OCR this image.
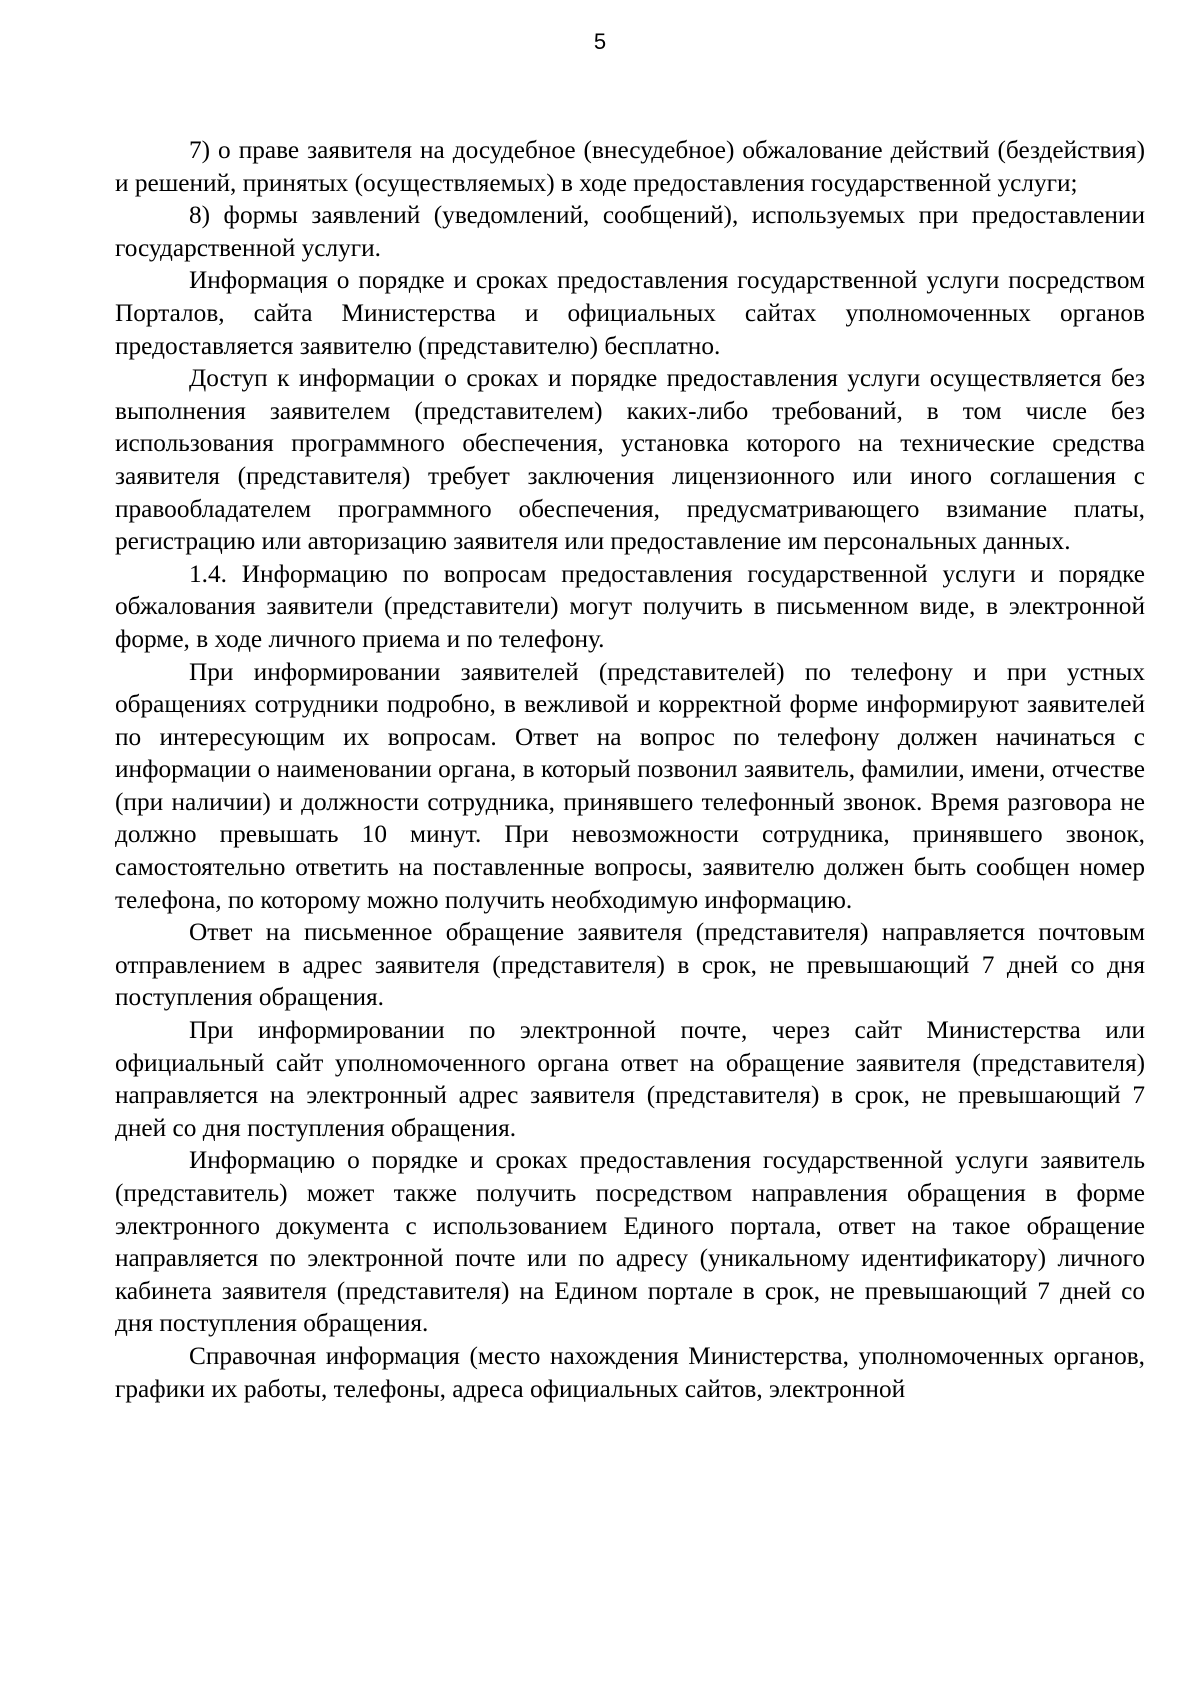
5

7) о праве заявителя на досудебное (внесудебное) обжалование действий (бездействия) и решений, принятых (осуществляемых) в ходе предоставления государственной услуги;

8) формы заявлений (уведомлений, сообщений), используемых при предоставлении государственной услуги.

Информация о порядке и сроках предоставления государственной услуги посредством Порталов, сайта Министерства и официальных сайтах уполномоченных органов предоставляется заявителю (представителю) бесплатно.

Доступ к информации о сроках и порядке предоставления услуги осуществляется без выполнения заявителем (представителем) каких-либо требований, в том числе без использования программного обеспечения, установка которого на технические средства заявителя (представителя) требует заключения лицензионного или иного соглашения с правообладателем программного обеспечения, предусматривающего взимание платы, регистрацию или авторизацию заявителя или предоставление им персональных данных.

1.4. Информацию по вопросам предоставления государственной услуги и порядке обжалования заявители (представители) могут получить в письменном виде, в электронной форме, в ходе личного приема и по телефону.

При информировании заявителей (представителей) по телефону и при устных обращениях сотрудники подробно, в вежливой и корректной форме информируют заявителей по интересующим их вопросам. Ответ на вопрос по телефону должен начинаться с информации о наименовании органа, в который позвонил заявитель, фамилии, имени, отчестве (при наличии) и должности сотрудника, принявшего телефонный звонок. Время разговора не должно превышать 10 минут. При невозможности сотрудника, принявшего звонок, самостоятельно ответить на поставленные вопросы, заявителю должен быть сообщен номер телефона, по которому можно получить необходимую информацию.

Ответ на письменное обращение заявителя (представителя) направляется почтовым отправлением в адрес заявителя (представителя) в срок, не превышающий 7 дней со дня поступления обращения.

При информировании по электронной почте, через сайт Министерства или официальный сайт уполномоченного органа ответ на обращение заявителя (представителя) направляется на электронный адрес заявителя (представителя) в срок, не превышающий 7 дней со дня поступления обращения.

Информацию о порядке и сроках предоставления государственной услуги заявитель (представитель) может также получить посредством направления обращения в форме электронного документа с использованием Единого портала, ответ на такое обращение направляется по электронной почте или по адресу (уникальному идентификатору) личного кабинета заявителя (представителя) на Едином портале в срок, не превышающий 7 дней со дня поступления обращения.

Справочная информация (место нахождения Министерства, уполномоченных органов, графики их работы, телефоны, адреса официальных сайтов, электронной
